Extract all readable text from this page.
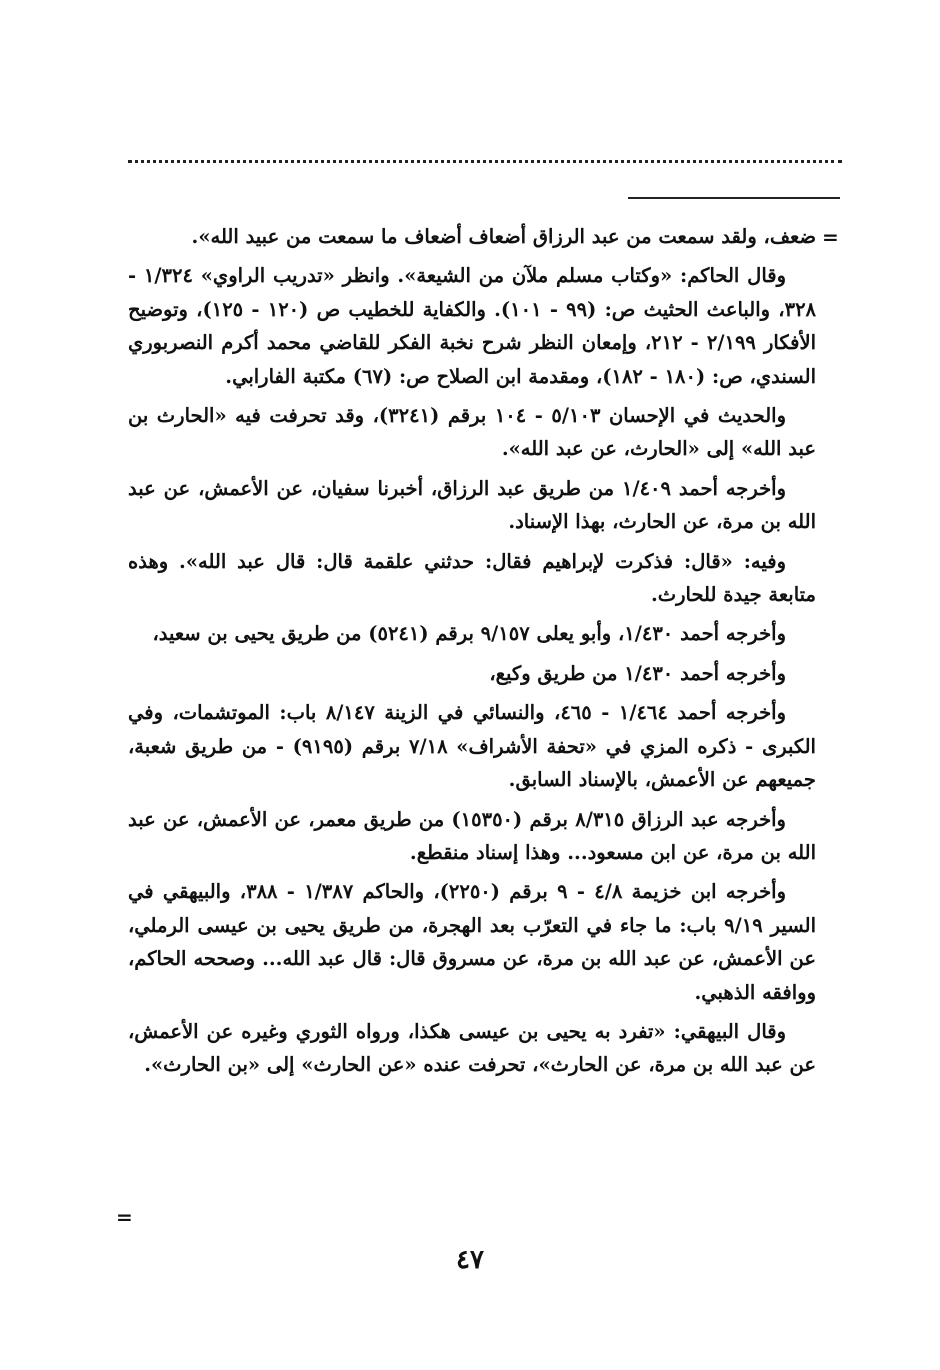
=

ضعف، ولقد سمعت من عبد الرزاق أضعاف أضعاف ما سمعت من عبيد الله».

وقال الحاكم: «وكتاب مسلم ملآن من الشيعة». وانظر «تدريب الراوي» ١/٣٢٤ - ٣٢٨، والباعث الحثيث ص: (٩٩ - ١٠١). والكفاية للخطيب ص (١٢٠ - ١٢٥)، وتوضيح الأفكار ٢/١٩٩ - ٢١٢، وإمعان النظر شرح نخبة الفكر للقاضي محمد أكرم النصربوري السندي، ص: (١٨٠ - ١٨٢)، ومقدمة ابن الصلاح ص: (٦٧) مكتبة الفارابي.

والحديث في الإحسان ٥/١٠٣ - ١٠٤ برقم (٣٢٤١)، وقد تحرفت فيه «الحارث بن عبد الله» إلى «الحارث، عن عبد الله».

وأخرجه أحمد ١/٤٠٩ من طريق عبد الرزاق، أخبرنا سفيان، عن الأعمش، عن عبد الله بن مرة، عن الحارث، بهذا الإسناد.

وفيه: «قال: فذكرت لإبراهيم فقال: حدثني علقمة قال: قال عبد الله». وهذه متابعة جيدة للحارث.

وأخرجه أحمد ١/٤٣٠، وأبو يعلى ٩/١٥٧ برقم (٥٢٤١) من طريق يحيى بن سعيد،

وأخرجه أحمد ١/٤٣٠ من طريق وكيع،

وأخرجه أحمد ١/٤٦٤ - ٤٦٥، والنسائي في الزينة ٨/١٤٧ باب: الموتشمات، وفي الكبرى - ذكره المزي في «تحفة الأشراف» ٧/١٨ برقم (٩١٩٥) - من طريق شعبة، جميعهم عن الأعمش، بالإسناد السابق.

وأخرجه عبد الرزاق ٨/٣١٥ برقم (١٥٣٥٠) من طريق معمر، عن الأعمش، عن عبد الله بن مرة، عن ابن مسعود... وهذا إسناد منقطع.

وأخرجه ابن خزيمة ٤/٨ - ٩ برقم (٢٢٥٠)، والحاكم ١/٣٨٧ - ٣٨٨، والبيهقي في السير ٩/١٩ باب: ما جاء في التعرّب بعد الهجرة، من طريق يحيى بن عيسى الرملي، عن الأعمش، عن عبد الله بن مرة، عن مسروق قال: قال عبد الله... وصححه الحاكم، ووافقه الذهبي.

وقال البيهقي: «تفرد به يحيى بن عيسى هكذا، ورواه الثوري وغيره عن الأعمش، عن عبد الله بن مرة، عن الحارث»، تحرفت عنده «عن الحارث» إلى «بن الحارث».

=
٤٧
